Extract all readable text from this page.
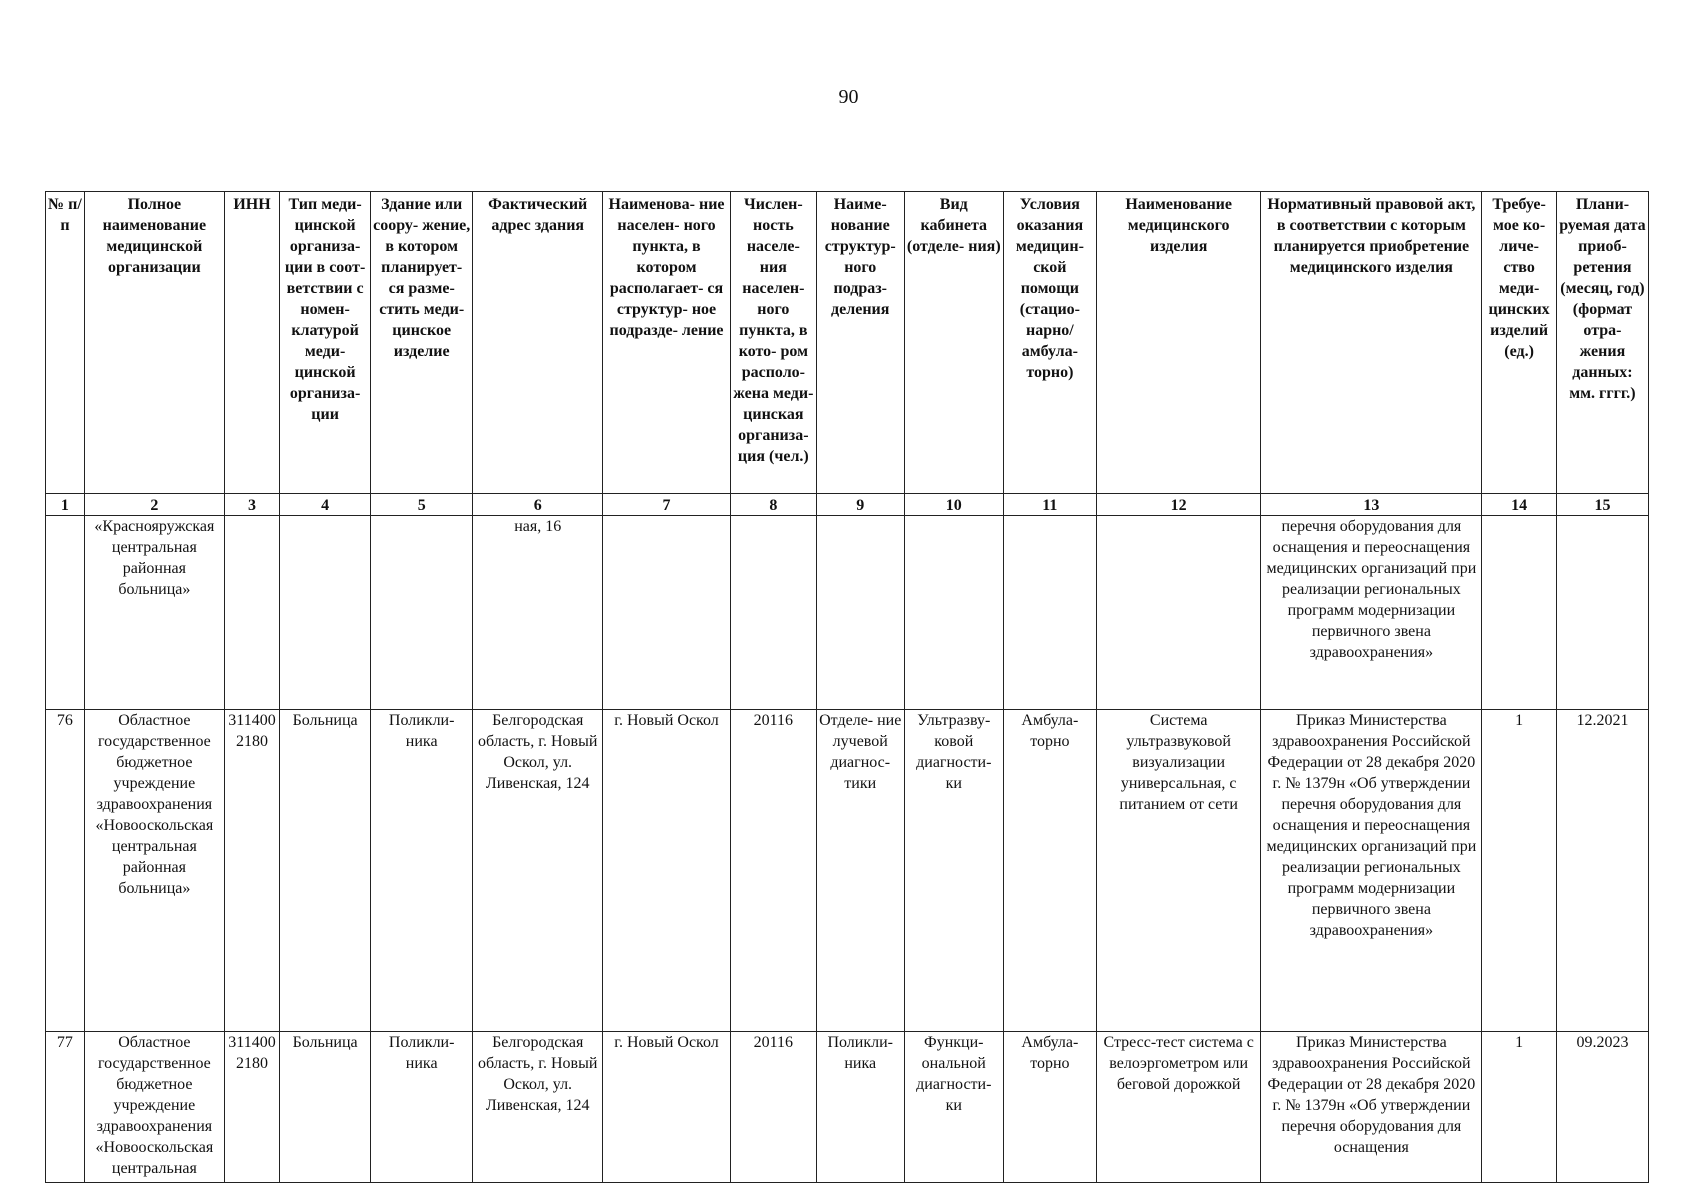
90
№ п/п	Полное наименование медицинской организации	ИНН	Тип меди- цинской организа- ции в соот- ветствии с номен- клатурой меди- цинской организа- ции	Здание или соору- жение, в котором планирует- ся разме- стить меди- цинское изделие	Фактический адрес здания	Наименова- ние населен- ного пункта, в котором располагает- ся структур- ное подразде- ление	Числен- ность населе- ния населен- ного пункта, в кото- ром располо- жена меди- цинская организа- ция (чел.)	Наиме- нование структур- ного подраз- деления	Вид кабинета (отделе- ния)	Условия оказания медицин- ской помощи (стацио- нарно/ амбула- торно)	Наименование медицинского изделия	Нормативный правовой акт, в соответствии с которым планируется приобретение медицинского изделия	Требуе- мое ко- личе- ство меди- цинских изделий (ед.)	Плани- руемая дата приоб- ретения (месяц, год) (формат отра- жения данных: мм. гггг.)
1	2	3	4	5	6	7	8	9	10	11	12	13	14	15
	«Краснояружская центральная районная больница»				ная, 16							перечня оборудования для оснащения и переоснащения медицинских организаций при реализации региональных программ модернизации первичного звена здравоохранения»		
76	Областное государственное бюджетное учреждение здравоохранения «Новооскольская центральная районная больница»	311400 2180	Больница	Поликли- ника	Белгородская область, г. Новый Оскол, ул. Ливенская, 124	г. Новый Оскол	20116	Отделе- ние лучевой диагнос- тики	Ультразву- ковой диагности- ки	Амбула- торно	Система ультразвуковой визуализации универсальная, с питанием от сети	Приказ Министерства здравоохранения Российской Федерации от 28 декабря 2020 г. № 1379н «Об утверждении перечня оборудования для оснащения и переоснащения медицинских организаций при реализации региональных программ модернизации первичного звена здравоохранения»	1	12.2021
77	Областное государственное бюджетное учреждение здравоохранения «Новооскольская центральная	311400 2180	Больница	Поликли- ника	Белгородская область, г. Новый Оскол, ул. Ливенская, 124	г. Новый Оскол	20116	Поликли- ника	Функци- ональной диагности- ки	Амбула- торно	Стресс-тест система с велоэргометром или беговой дорожкой	Приказ Министерства здравоохранения Российской Федерации от 28 декабря 2020 г. № 1379н «Об утверждении перечня оборудования для оснащения	1	09.2023
